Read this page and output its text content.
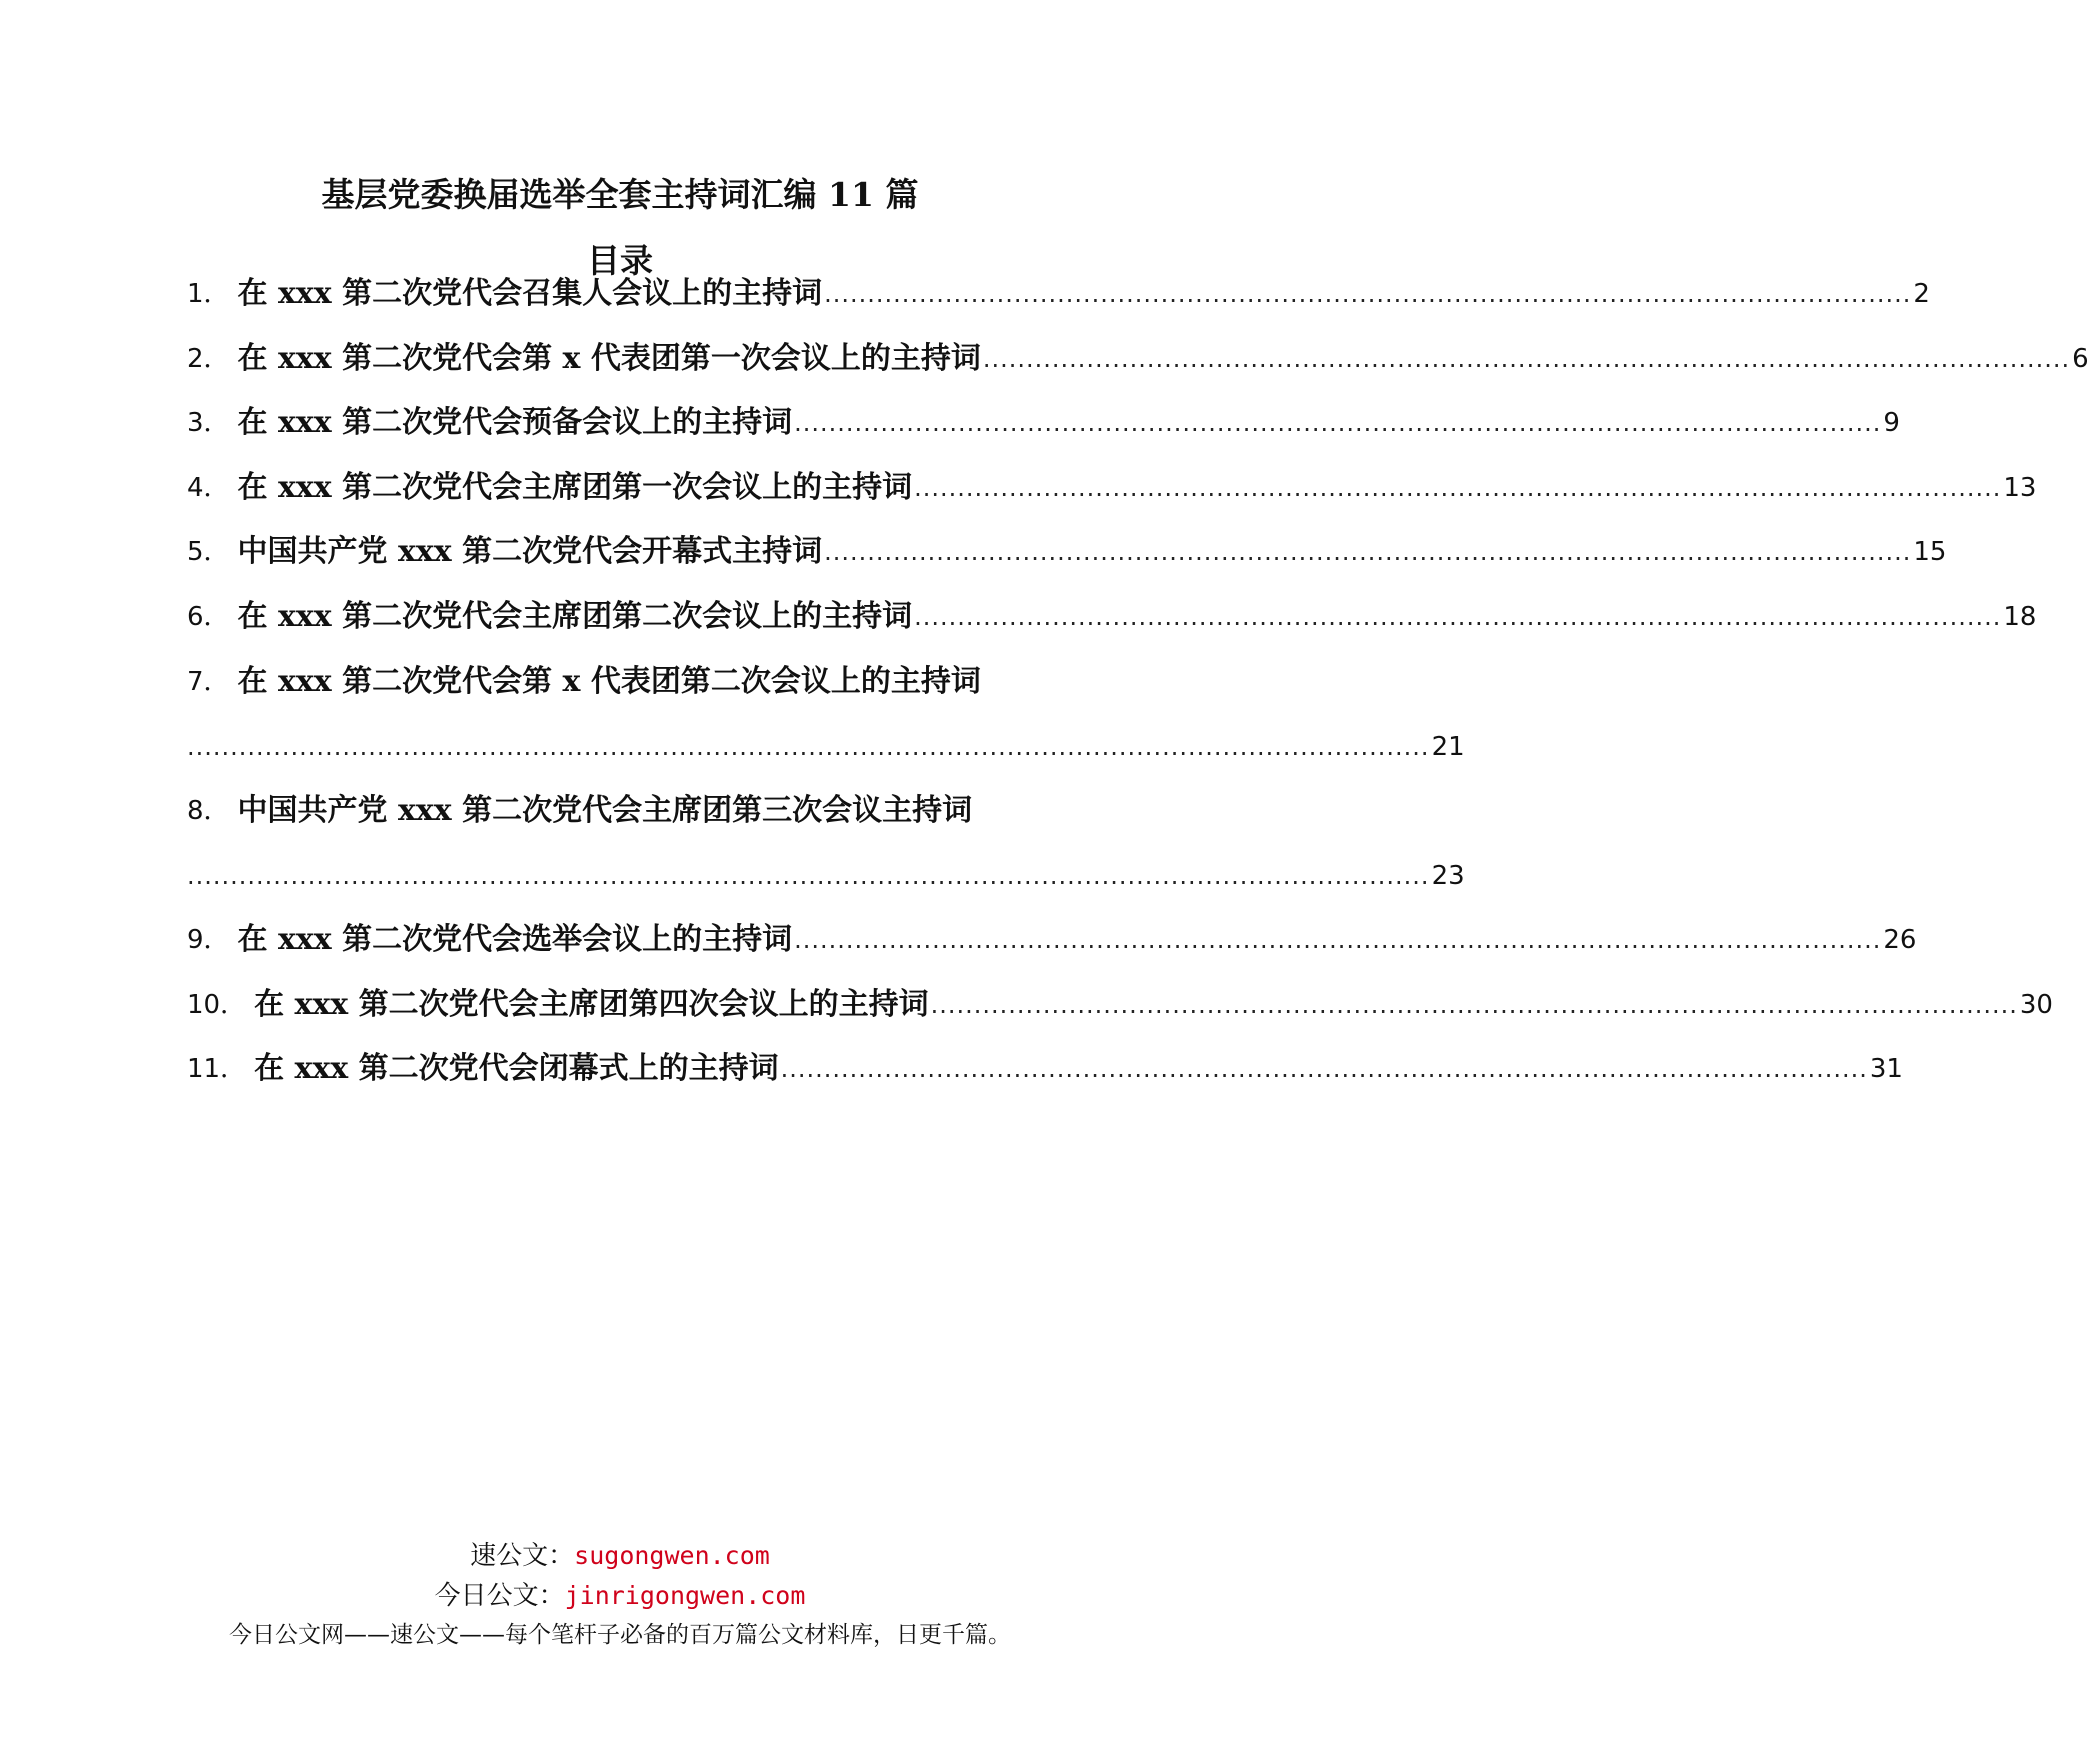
基层党委换届选举全套主持词汇编 11 篇
目录
1． 在 xxx 第二次党代会召集人会议上的主持词 .............................................................................................................................. 2
2． 在 xxx 第二次党代会第 x 代表团第一次会议上的主持词 .............................................................................................................................. 6
3． 在 xxx 第二次党代会预备会议上的主持词 .............................................................................................................................. 9
4． 在 xxx 第二次党代会主席团第一次会议上的主持词 .............................................................................................................................. 13
5． 中国共产党 xxx 第二次党代会开幕式主持词 .............................................................................................................................. 15
6． 在 xxx 第二次党代会主席团第二次会议上的主持词 .............................................................................................................................. 18
7． 在 xxx 第二次党代会第 x 代表团第二次会议上的主持词
................................................................................................................................................ 21
8． 中国共产党 xxx 第二次党代会主席团第三次会议主持词
................................................................................................................................................ 23
9． 在 xxx 第二次党代会选举会议上的主持词 .............................................................................................................................. 26
10． 在 xxx 第二次党代会主席团第四次会议上的主持词 .............................................................................................................................. 30
11． 在 xxx 第二次党代会闭幕式上的主持词 .............................................................................................................................. 31
速公文：sugongwen.com
今日公文：jinrigongwen.com
今日公文网——速公文——每个笔杆子必备的百万篇公文材料库，日更千篇。
